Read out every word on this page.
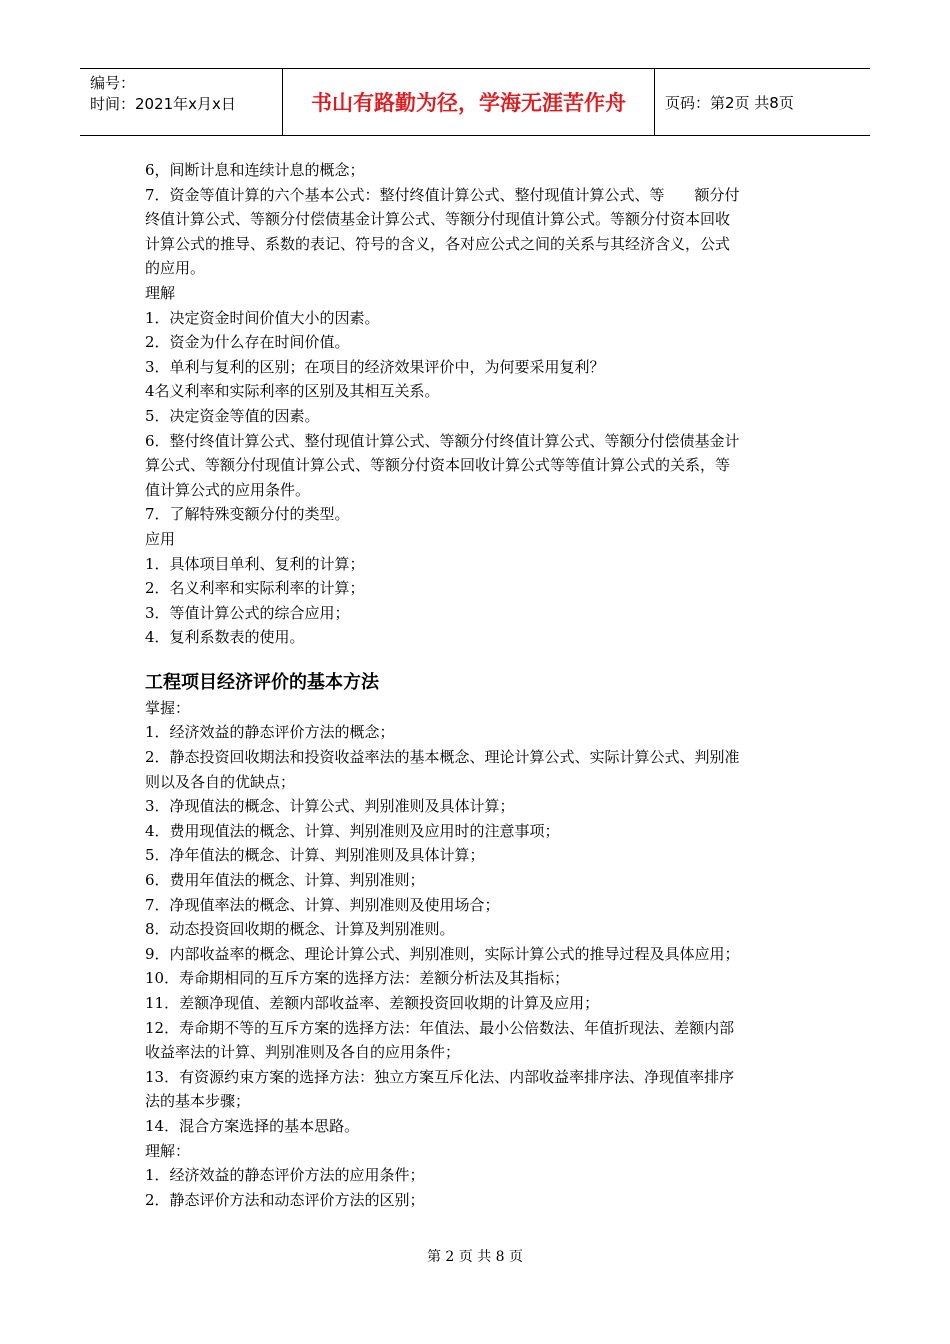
编号：
时间：2021年x月x日	书山有路勤为径，学海无涯苦作舟	页码：第2页 共8页

6，间断计息和连续计息的概念；

7．资金等值计算的六个基本公式：整付终值计算公式、整付现值计算公式、等　　额分付

终值计算公式、等额分付偿债基金计算公式、等额分付现值计算公式。等额分付资本回收

计算公式的推导、系数的表记、符号的含义，各对应公式之间的关系与其经济含义，公式

的应用。

理解

1．决定资金时间价值大小的因素。

2．资金为什么存在时间价值。

3．单利与复利的区别；在项目的经济效果评价中，为何要采用复利？

4名义利率和实际利率的区别及其相互关系。

5．决定资金等值的因素。

6．整付终值计算公式、整付现值计算公式、等额分付终值计算公式、等额分付偿债基金计

算公式、等额分付现值计算公式、等额分付资本回收计算公式等等值计算公式的关系，等

值计算公式的应用条件。

7．了解特殊变额分付的类型。

应用

1．具体项目单利、复利的计算；

2．名义利率和实际利率的计算；

3．等值计算公式的综合应用；

4．复利系数表的使用。

工程项目经济评价的基本方法

掌握：

1．经济效益的静态评价方法的概念；

2．静态投资回收期法和投资收益率法的基本概念、理论计算公式、实际计算公式、判别准

则以及各自的优缺点；

3．净现值法的概念、计算公式、判别准则及具体计算；

4．费用现值法的概念、计算、判别准则及应用时的注意事项；

5．净年值法的概念、计算、判别准则及具体计算；

6．费用年值法的概念、计算、判别准则；

7．净现值率法的概念、计算、判别准则及使用场合；

8．动态投资回收期的概念、计算及判别准则。

9．内部收益率的概念、理论计算公式、判别准则，实际计算公式的推导过程及具体应用；

10．寿命期相同的互斥方案的选择方法：差额分析法及其指标；

11．差额净现值、差额内部收益率、差额投资回收期的计算及应用；

12．寿命期不等的互斥方案的选择方法：年值法、最小公倍数法、年值折现法、差额内部

收益率法的计算、判别准则及各自的应用条件；

13．有资源约束方案的选择方法：独立方案互斥化法、内部收益率排序法、净现值率排序

法的基本步骤；

14．混合方案选择的基本思路。

理解：

1．经济效益的静态评价方法的应用条件；

2．静态评价方法和动态评价方法的区别；

第 2 页 共 8 页
